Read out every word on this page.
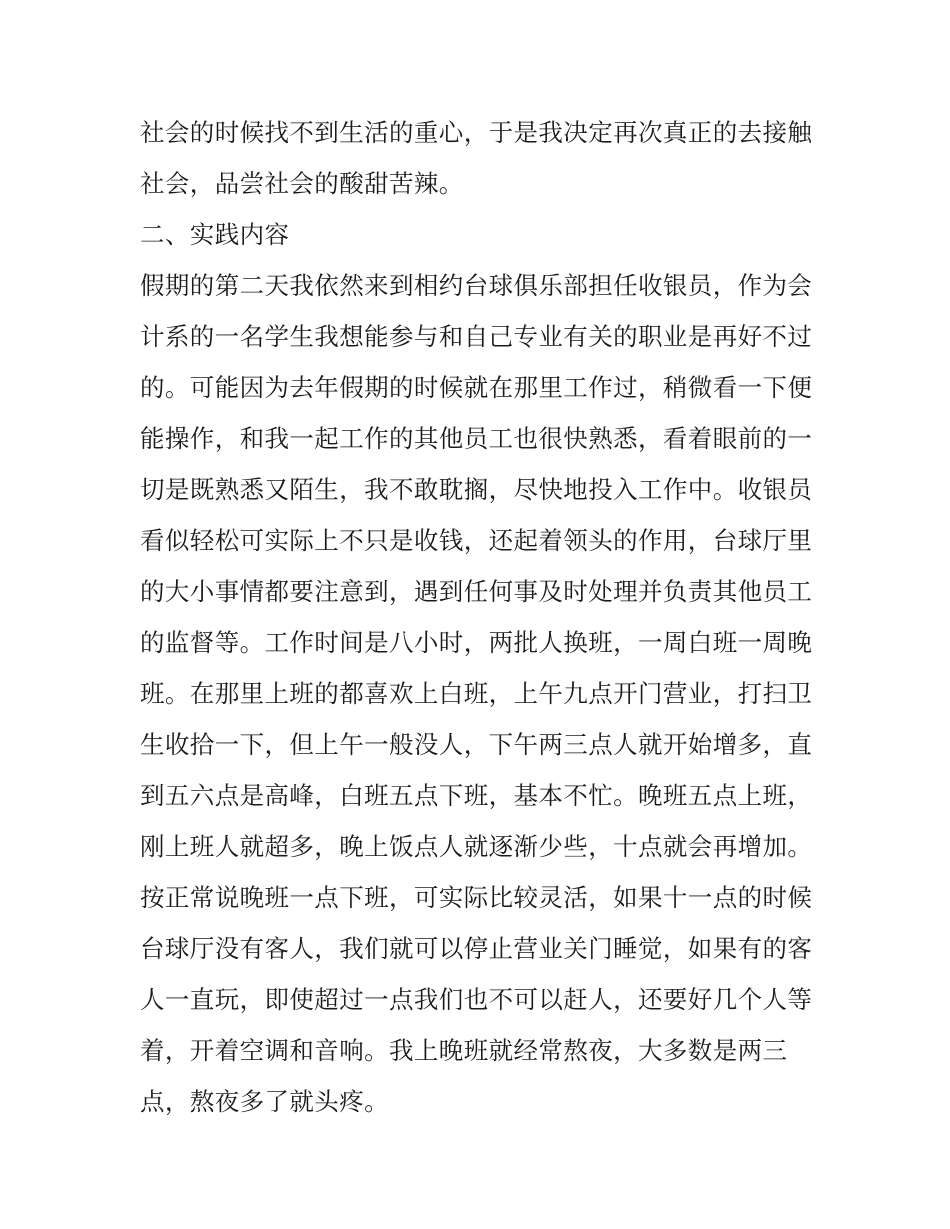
社会的时候找不到生活的重心，于是我决定再次真正的去接触
社会，品尝社会的酸甜苦辣。
二、实践内容
假期的第二天我依然来到相约台球俱乐部担任收银员，作为会
计系的一名学生我想能参与和自己专业有关的职业是再好不过
的。可能因为去年假期的时候就在那里工作过，稍微看一下便
能操作，和我一起工作的其他员工也很快熟悉，看着眼前的一
切是既熟悉又陌生，我不敢耽搁，尽快地投入工作中。收银员
看似轻松可实际上不只是收钱，还起着领头的作用，台球厅里
的大小事情都要注意到，遇到任何事及时处理并负责其他员工
的监督等。工作时间是八小时，两批人换班，一周白班一周晚
班。在那里上班的都喜欢上白班，上午九点开门营业，打扫卫
生收拾一下，但上午一般没人，下午两三点人就开始增多，直
到五六点是高峰，白班五点下班，基本不忙。晚班五点上班，
刚上班人就超多，晚上饭点人就逐渐少些，十点就会再增加。
按正常说晚班一点下班，可实际比较灵活，如果十一点的时候
台球厅没有客人，我们就可以停止营业关门睡觉，如果有的客
人一直玩，即使超过一点我们也不可以赶人，还要好几个人等
着，开着空调和音响。我上晚班就经常熬夜，大多数是两三
点，熬夜多了就头疼。
